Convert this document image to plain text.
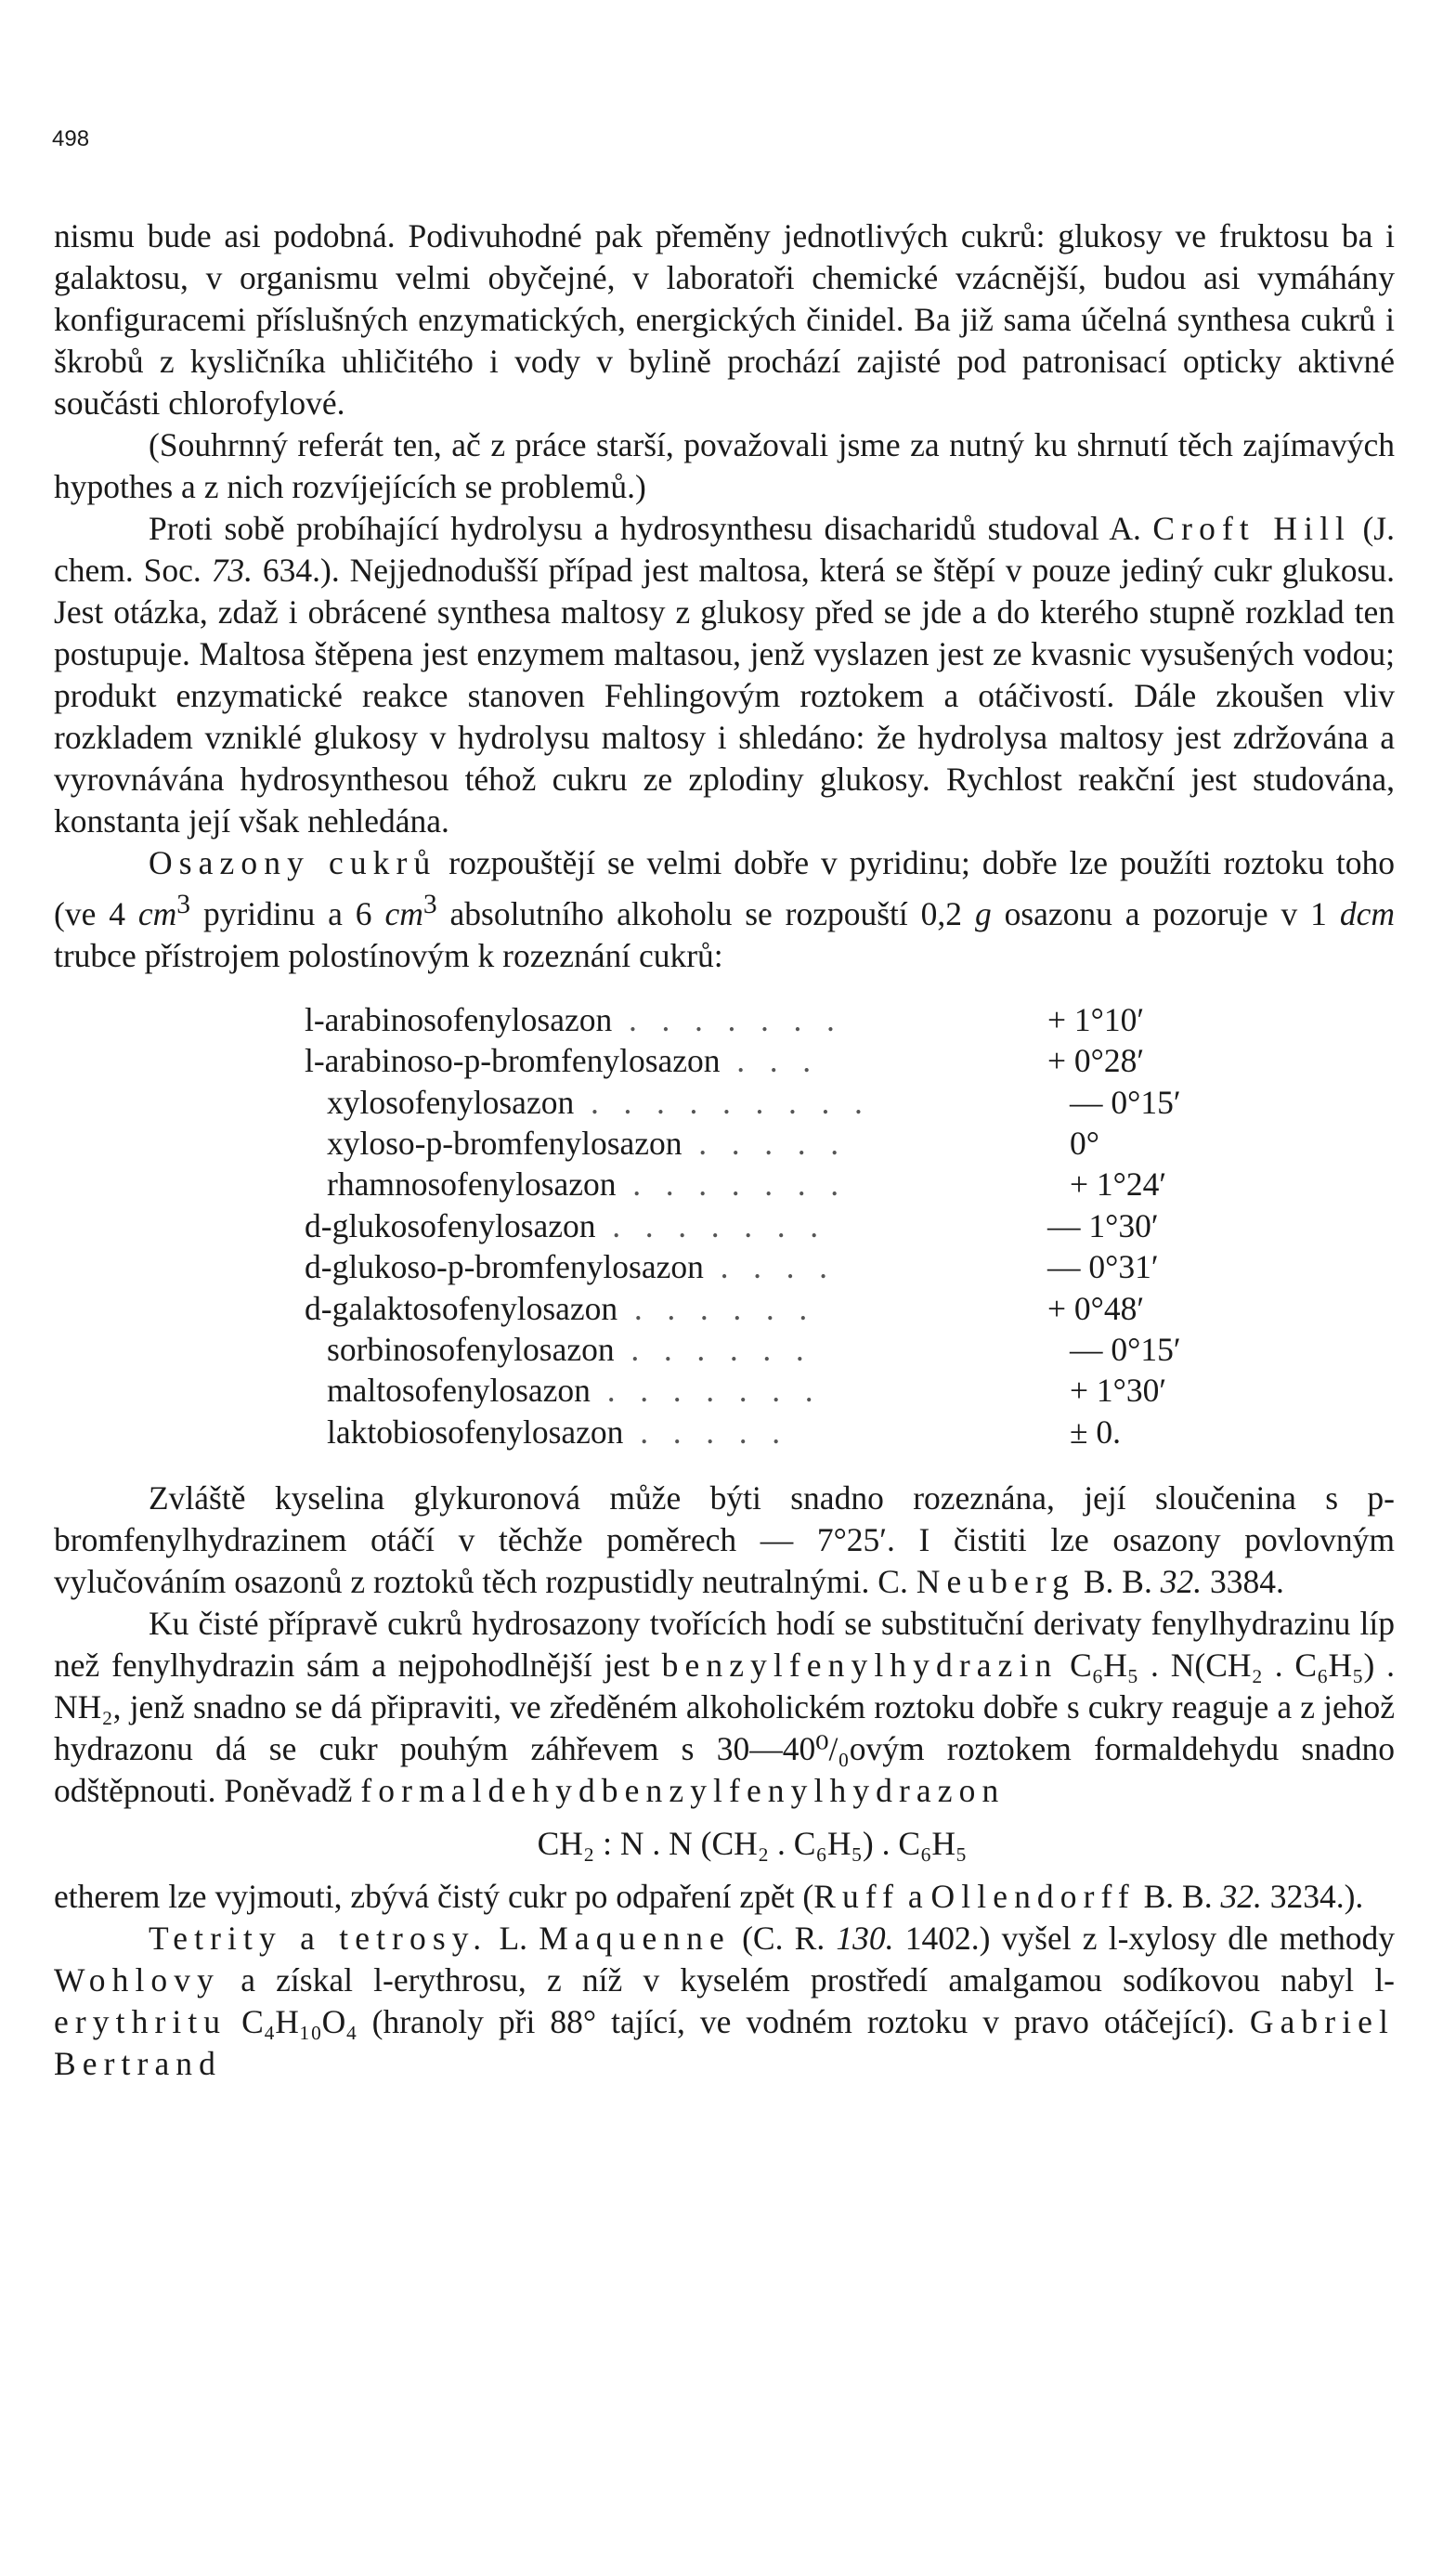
498

nismu bude asi podobná. Podivuhodné pak přeměny jednotlivých cukrů: glukosy ve fruktosu ba i galaktosu, v organismu velmi obyčejné, v laboratoři chemické vzácnější, budou asi vymáhány konfiguracemi příslušných enzymatických, energických činidel. Ba již sama účelná synthesa cukrů i škrobů z kysličníka uhličitého i vody v bylině prochází zajisté pod patronisací opticky aktivné součásti chlorofylové.

(Souhrnný referát ten, ač z práce starší, považovali jsme za nutný ku shrnutí těch zajímavých hypothes a z nich rozvíjejících se problemů.)

Proti sobě probíhající hydrolysu a hydrosynthesu disacharidů studoval A. Croft Hill (J. chem. Soc. 73. 634.). Nejjednodušší případ jest maltosa, která se štěpí v pouze jediný cukr glukosu. Jest otázka, zdaž i obrácené synthesa maltosy z glukosy před se jde a do kterého stupně rozklad ten postupuje. Maltosa štěpena jest enzymem maltasou, jenž vyslazen jest ze kvasnic vysušených vodou; produkt enzymatické reakce stanoven Fehlingovým roztokem a otáčivostí. Dále zkoušen vliv rozkladem vzniklé glukosy v hydrolysu maltosy i shledáno: že hydrolysa maltosy jest zdržována a vyrovnávána hydrosynthesou téhož cukru ze zplodiny glukosy. Rychlost reakční jest studována, konstanta její však nehledána.

Osazony cukrů rozpouštějí se velmi dobře v pyridinu; dobře lze použíti roztoku toho (ve 4 $cm^3$ pyridinu a 6 $cm^3$ absolutního alkoholu se rozpouští 0,2 g osazonu a pozoruje v 1 dcm trubce přístrojem polostínovým k rozeznání cukrů:

l-arabinosofenylosazon . . . . . . .	+ 1°10′
l-arabinoso-p-bromfenylosazon . . .	+ 0°28′
xylosofenylosazon . . . . . . . . .	— 0°15′
xyloso-p-bromfenylosazon . . . . .	0°
rhamnosofenylosazon . . . . . . .	+ 1°24′
d-glukosofenylosazon . . . . . . .	— 1°30′
d-glukoso-p-bromfenylosazon . . . .	— 0°31′
d-galaktosofenylosazon . . . . . .	+ 0°48′
sorbinosofenylosazon . . . . . .	— 0°15′
maltosofenylosazon . . . . . . .	+ 1°30′
laktobiosofenylosazon . . . . .	± 0.

Zvláště kyselina glykuronová může býti snadno rozeznána, její sloučenina s p-bromfenylhydrazinem otáčí v těchže poměrech — 7°25′. I čistiti lze osazony povlovným vylučováním osazonů z roztoků těch rozpustidly neutralnými. C. Neuberg B. B. 32. 3384.

Ku čisté přípravě cukrů hydrosazony tvořících hodí se substituční derivaty fenylhydrazinu líp než fenylhydrazin sám a nejpohodlnější jest benzylfenylhydrazin C₆H₅ . N(CH₂ . C₆H₅) . NH₂, jenž snadno se dá připraviti, ve zředěném alkoholickém roztoku dobře s cukry reaguje a z jehož hydrazonu dá se cukr pouhým záhřevem s 30—40⁰/₀ovým roztokem formaldehydu snadno odštěpnouti. Poněvadž formaldehydbenzylfenylhydrazon

CH₂ : N . N (CH₂ . C₆H₅) . C₆H₅

etherem lze vyjmouti, zbývá čistý cukr po odpaření zpět (Ruff a Ollendorff B. B. 32. 3234.).

Tetrity a tetrosy. L. Maquenne (C. R. 130. 1402.) vyšel z l-xylosy dle methody Wohlovy a získal l-erythrosu, z níž v kyselém prostředí amalgamou sodíkovou nabyl l-erythritu C₄H₁₀O₄ (hranoly při 88° tající, ve vodném roztoku v pravo otáčející). Gabriel Bertrand
